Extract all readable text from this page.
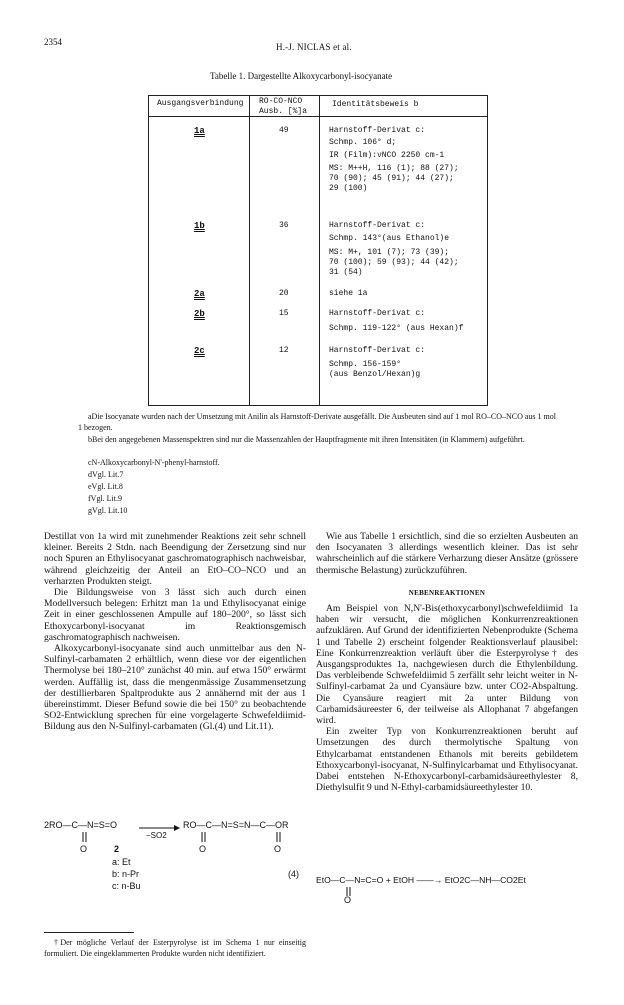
2354	H.-J. NICLAS et al.
Tabelle 1. Dargestellte Alkoxycarbonyl-isocyanate
Ausgangsverbindung RO-CO-NCO
Ausb. [%]a
Identitätsbeweis b
1a	49	Harnstoff-Derivat c:
Schmp. 106° d;
IR (Film):νNCO 2250 cm-1
MS: M++H, 116 (1); 88 (27);
70 (90); 45 (91); 44 (27);
29 (100)
1b	36	Harnstoff-Derivat c:
Schmp. 143°(aus Ethanol)e
MS: M+, 101 (7); 73 (39);
70 (100); 59 (93); 44 (42);
31 (54)
2a	20	siehe 1a
2b	15	Harnstoff-Derivat c:
Schmp. 119-122° (aus Hexan)f
2c	12	Harnstoff-Derivat c:
Schmp. 156-159°
(aus Benzol/Hexan)g
aDie Isocyanate wurden nach der Umsetzung mit Anilin als Harnstoff-Derivate ausgefällt. Die Ausbeuten sind auf 1 mol RO–CO–NCO aus 1 mol 1 bezogen.
bBei den angegebenen Massenspektren sind nur die Massenzahlen der Hauptfragmente mit ihren Intensitäten (in Klammern) aufgeführt.
cN-Alkoxycarbonyl-N'-phenyl-harnstoff.
dVgl. Lit.7
eVgl. Lit.8
fVgl. Lit.9
gVgl. Lit.10

Destillat von 1a wird mit zunehmender Reaktions zeit sehr schnell kleiner. Bereits 2 Stdn. nach Beendigung der Zersetzung sind nur noch Spuren an Ethylisocyanat gaschromatographisch nachweisbar, während gleichzeitig der Anteil an EtO–CO–NCO und an verharzten Produkten steigt.

Die Bildungsweise von 3 lässt sich auch durch einen Modellversuch belegen: Erhitzt man 1a und Ethylisocyanat einige Zeit in einer geschlossenen Ampulle auf 180–200°, so lässt sich Ethoxycarbonyl-isocyanat im Reaktionsgemisch gaschromatographisch nachweisen.

Alkoxycarbonyl-isocyanate sind auch unmittelbar aus den N-Sulfinyl-carbamaten 2 erhältlich, wenn diese vor der eigentlichen Thermolyse bei 180–210° zunächst 40 min. auf etwa 150° erwärmt werden. Auffällig ist, dass die mengenmässige Zusammensetzung der destillierbaren Spaltprodukte aus 2 annähernd mit der aus 1 übereinstimmt. Dieser Befund sowie die bei 150° zu beobachtende SO2-Entwicklung sprechen für eine vorgelagerte Schwefeldiimid-Bildung aus den N-Sulfinyl-carbamaten (Gl.(4) und Lit.11).

2RO—C—N=S=O
−SO2
RO—C—N=S=N—C—OR
O	O	O
2
a: Et
b: n-Pr
c: n-Bu
(4)
†Der mögliche Verlauf der Esterpyrolyse ist im Schema 1 nur einseitig formuliert. Die eingeklammerten Produkte wurden nicht identifiziert.

Wie aus Tabelle 1 ersichtlich, sind die so erzielten Ausbeuten an den Isocyanaten 3 allerdings wesentlich kleiner. Das ist sehr wahrscheinlich auf die stärkere Verharzung dieser Ansätze (grössere thermische Belastung) zurückzuführen.

NEBENREAKTIONEN

Am Beispiel von N,N'-Bis(ethoxycarbonyl)schwefeldiimid 1a haben wir versucht, die möglichen Konkurrenzreaktionen aufzuklären. Auf Grund der identifizierten Nebenprodukte (Schema 1 und Tabelle 2) erscheint folgender Reaktionsverlauf plausibel: Eine Konkurrenzreaktion verläuft über die Esterpyrolyse† des Ausgangsproduktes 1a, nachgewiesen durch die Ethylenbildung. Das verbleibende Schwefeldiimid 5 zerfällt sehr leicht weiter in N-Sulfinyl-carbamat 2a und Cyansäure bzw. unter CO2-Abspaltung. Die Cyansäure reagiert mit 2a unter Bildung von Carbamidsäureester 6, der teilweise als Allophanat 7 abgefangen wird.

Ein zweiter Typ von Konkurrenzreaktionen beruht auf Umsetzungen des durch thermolytische Spaltung von Ethylcarbamat entstandenen Ethanols mit bereits gebildetem Ethoxycarbonyl-isocyanat, N-Sulfinylcarbamat und Ethylisocyanat. Dabei entstehen N-Ethoxycarbonyl-carbamidsäureethylester 8, Diethylsulfit 9 und N-Ethyl-carbamidsäureethylester 10.

EtO—C—N=C=O + EtOH ——→ EtO2C—NH—CO2Et
O
